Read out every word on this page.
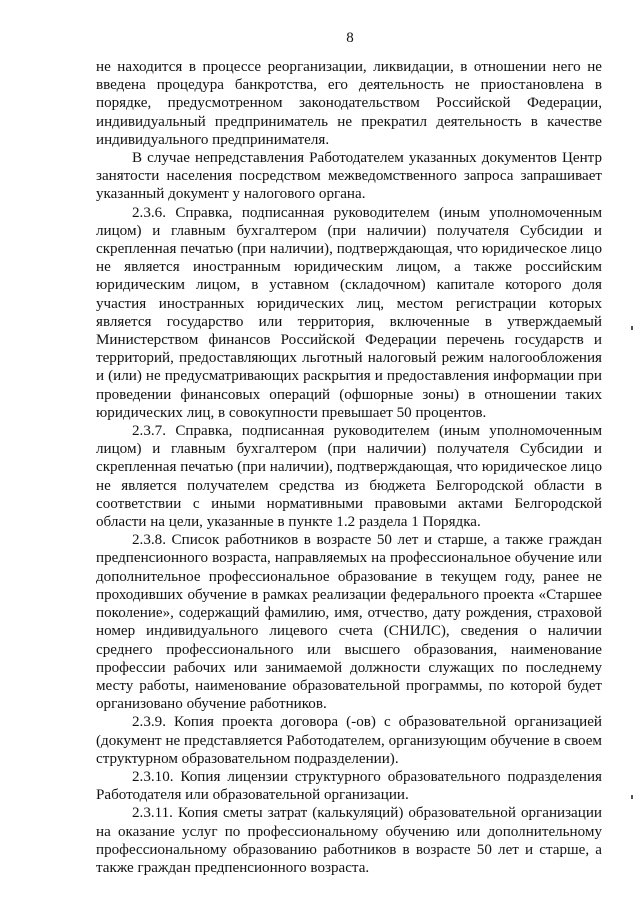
8

не находится в процессе реорганизации, ликвидации, в отношении него не введена процедура банкротства, его деятельность не приостановлена в порядке, предусмотренном законодательством Российской Федерации, индивидуальный предприниматель не прекратил деятельность в качестве индивидуального предпринимателя.

В случае непредставления Работодателем указанных документов Центр занятости населения посредством межведомственного запроса запрашивает указанный документ у налогового органа.

2.3.6. Справка, подписанная руководителем (иным уполномоченным лицом) и главным бухгалтером (при наличии) получателя Субсидии и скрепленная печатью (при наличии), подтверждающая, что юридическое лицо не является иностранным юридическим лицом, а также российским юридическим лицом, в уставном (складочном) капитале которого доля участия иностранных юридических лиц, местом регистрации которых является государство или территория, включенные в утверждаемый Министерством финансов Российской Федерации перечень государств и территорий, предоставляющих льготный налоговый режим налогообложения и (или) не предусматривающих раскрытия и предоставления информации при проведении финансовых операций (офшорные зоны) в отношении таких юридических лиц, в совокупности превышает 50 процентов.

2.3.7. Справка, подписанная руководителем (иным уполномоченным лицом) и главным бухгалтером (при наличии) получателя Субсидии и скрепленная печатью (при наличии), подтверждающая, что юридическое лицо не является получателем средства из бюджета Белгородской области в соответствии с иными нормативными правовыми актами Белгородской области на цели, указанные в пункте 1.2 раздела 1 Порядка.

2.3.8. Список работников в возрасте 50 лет и старше, а также граждан предпенсионного возраста, направляемых на профессиональное обучение или дополнительное профессиональное образование в текущем году, ранее не проходивших обучение в рамках реализации федерального проекта «Старшее поколение», содержащий фамилию, имя, отчество, дату рождения, страховой номер индивидуального лицевого счета (СНИЛС), сведения о наличии среднего профессионального или высшего образования, наименование профессии рабочих или занимаемой должности служащих по последнему месту работы, наименование образовательной программы, по которой будет организовано обучение работников.

2.3.9. Копия проекта договора (-ов) с образовательной организацией (документ не представляется Работодателем, организующим обучение в своем структурном образовательном подразделении).

2.3.10. Копия лицензии структурного образовательного подразделения Работодателя или образовательной организации.

2.3.11. Копия сметы затрат (калькуляций) образовательной организации на оказание услуг по профессиональному обучению или дополнительному профессиональному образованию работников в возрасте 50 лет и старше, а также граждан предпенсионного возраста.
